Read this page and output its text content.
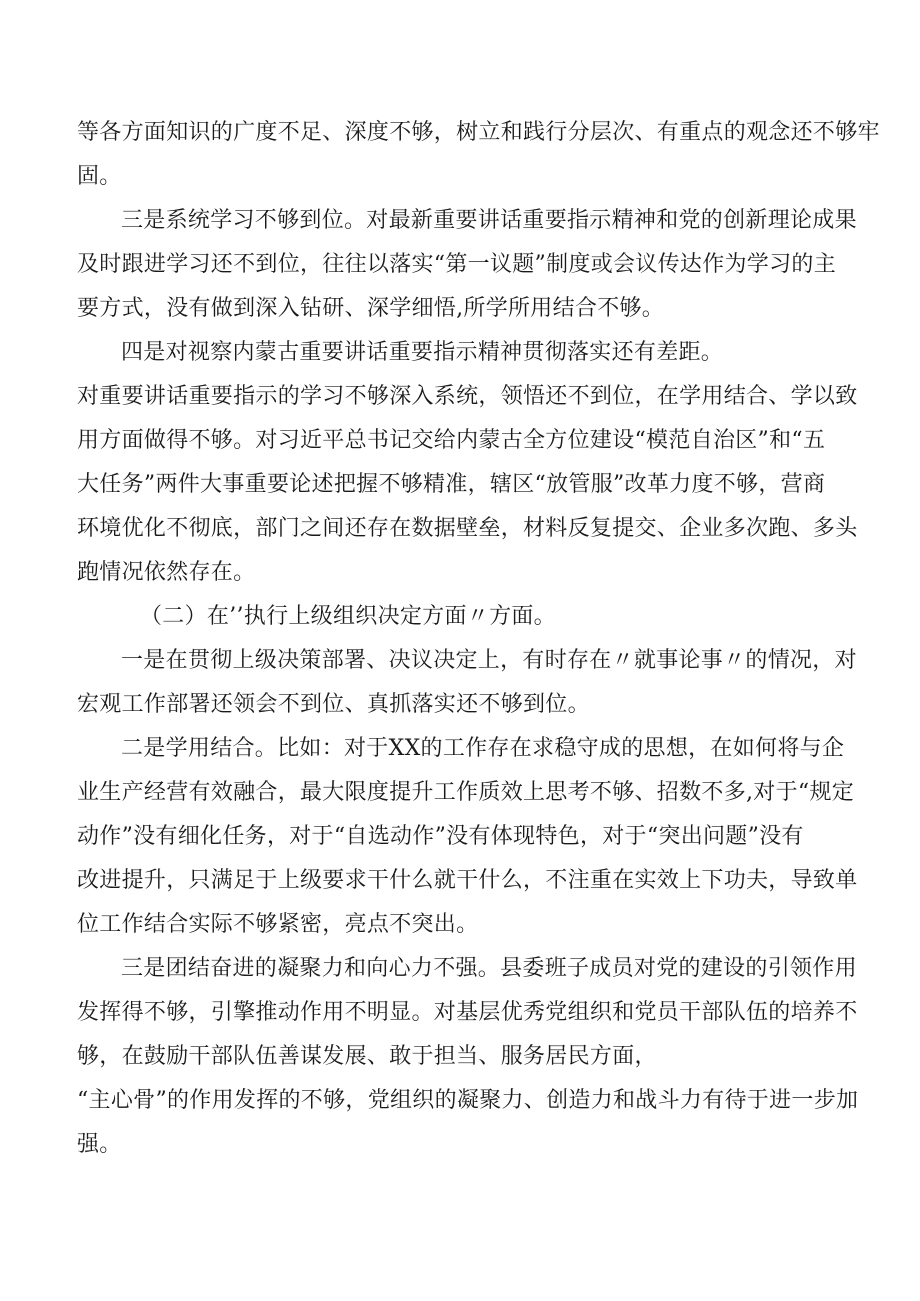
等各方面知识的广度不足、深度不够，树立和践行分层次、有重点的观念还不够牢
固。
三是系统学习不够到位。对最新重要讲话重要指示精神和党的创新理论成果
及时跟进学习还不到位，往往以落实“第一议题”制度或会议传达作为学习的主
要方式，没有做到深入钻研、深学细悟,所学所用结合不够。
四是对视察内蒙古重要讲话重要指示精神贯彻落实还有差距。
对重要讲话重要指示的学习不够深入系统，领悟还不到位，在学用结合、学以致
用方面做得不够。对习近平总书记交给内蒙古全方位建设“模范自治区”和“五
大任务”两件大事重要论述把握不够精准，辖区“放管服”改革力度不够，营商
环境优化不彻底，部门之间还存在数据壁垒，材料反复提交、企业多次跑、多头
跑情况依然存在。
（二）在’’执行上级组织决定方面〃方面。
一是在贯彻上级决策部署、决议决定上，有时存在〃就事论事〃的情况，对
宏观工作部署还领会不到位、真抓落实还不够到位。
二是学用结合。比如：对于XX的工作存在求稳守成的思想，在如何将与企
业生产经营有效融合，最大限度提升工作质效上思考不够、招数不多,对于“规定
动作”没有细化任务，对于“自选动作”没有体现特色，对于“突出问题”没有
改进提升，只满足于上级要求干什么就干什么，不注重在实效上下功夫，导致单
位工作结合实际不够紧密，亮点不突出。
三是团结奋进的凝聚力和向心力不强。县委班子成员对党的建设的引领作用
发挥得不够，引擎推动作用不明显。对基层优秀党组织和党员干部队伍的培养不
够，在鼓励干部队伍善谋发展、敢于担当、服务居民方面，
“主心骨”的作用发挥的不够，党组织的凝聚力、创造力和战斗力有待于进一步加
强。
